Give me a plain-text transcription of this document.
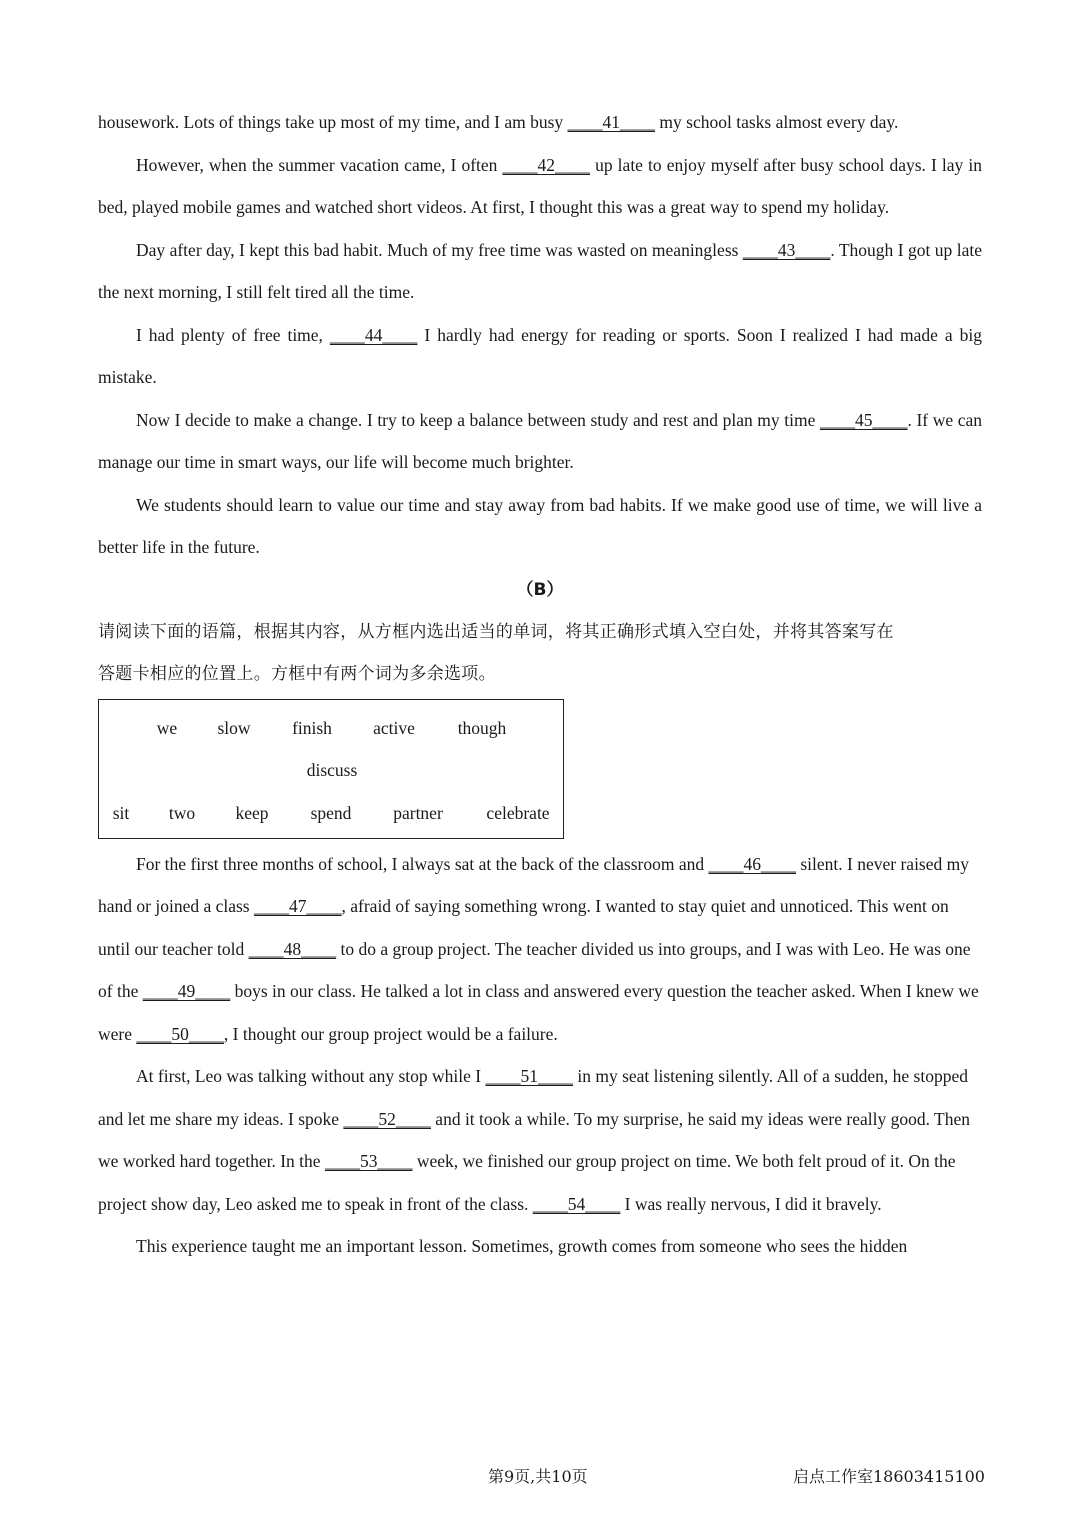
housework. Lots of things take up most of my time, and I am busy ____41____ my school tasks almost every day.

However, when the summer vacation came, I often ____42____ up late to enjoy myself after busy school days. I lay in bed, played mobile games and watched short videos. At first, I thought this was a great way to spend my holiday.

Day after day, I kept this bad habit. Much of my free time was wasted on meaningless ____43____. Though I got up late the next morning, I still felt tired all the time.

I had plenty of free time, ____44____ I hardly had energy for reading or sports. Soon I realized I had made a big mistake.

Now I decide to make a change. I try to keep a balance between study and rest and plan my time ____45____. If we can manage our time in smart ways, our life will become much brighter.

We students should learn to value our time and stay away from bad habits. If we make good use of time, we will live a better life in the future.

（B）

请阅读下面的语篇，根据其内容，从方框内选出适当的单词，将其正确形式填入空白处，并将其答案写在

答题卡相应的位置上。方框中有两个词为多余选项。

we slow finish active though
discuss
sit two keep spend partner celebrate

For the first three months of school, I always sat at the back of the classroom and ____46____ silent. I never raised my hand or joined a class ____47____, afraid of saying something wrong. I wanted to stay quiet and unnoticed. This went on until our teacher told ____48____ to do a group project. The teacher divided us into groups, and I was with Leo. He was one of the ____49____ boys in our class. He talked a lot in class and answered every question the teacher asked. When I knew we were ____50____, I thought our group project would be a failure.

At first, Leo was talking without any stop while I ____51____ in my seat listening silently. All of a sudden, he stopped and let me share my ideas. I spoke ____52____ and it took a while. To my surprise, he said my ideas were really good. Then we worked hard together. In the ____53____ week, we finished our group project on time. We both felt proud of it. On the project show day, Leo asked me to speak in front of the class. ____54____ I was really nervous, I did it bravely.

This experience taught me an important lesson. Sometimes, growth comes from someone who sees the hidden

第9页,共10页	启点工作室18603415100
